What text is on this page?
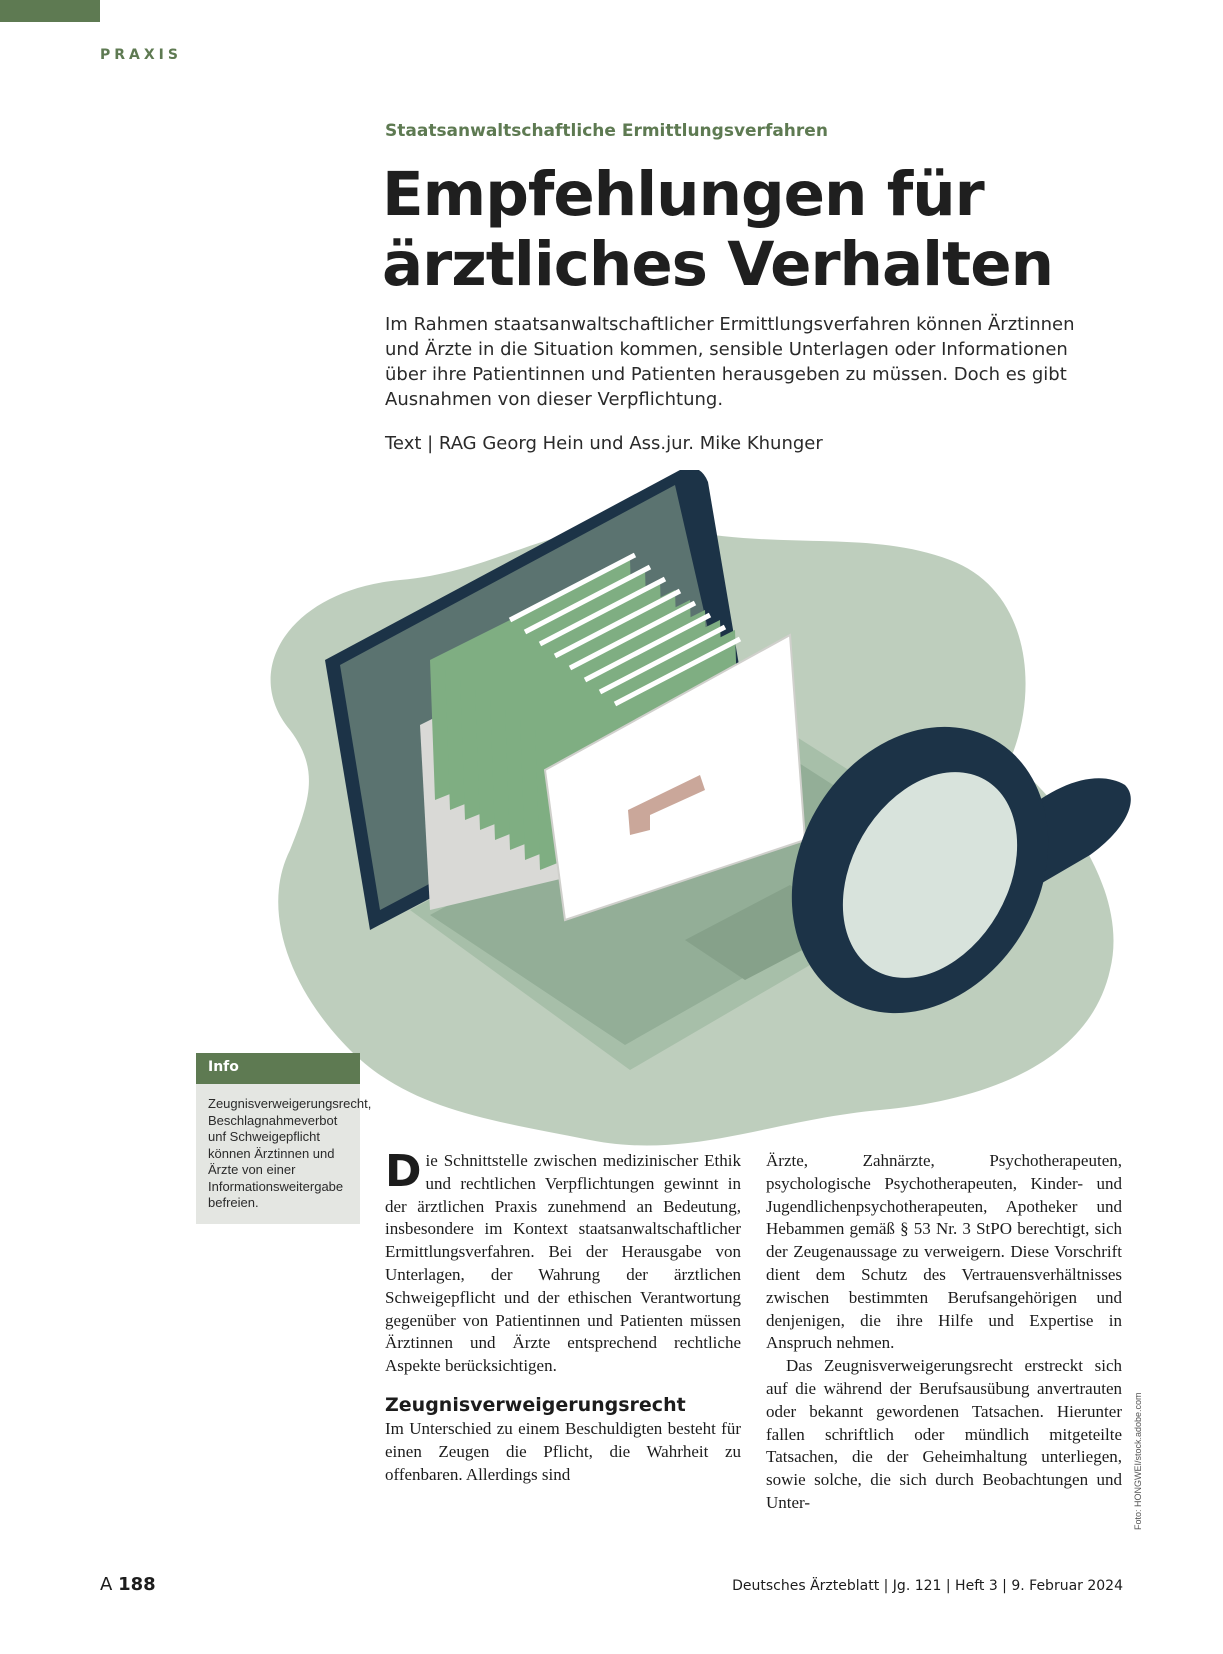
PRAXIS
Staatsanwaltschaftliche Ermittlungsverfahren
Empfehlungen für
ärztliches Verhalten
Im Rahmen staatsanwaltschaftlicher Ermittlungsverfahren können Ärztinnen und Ärzte in die Situation kommen, sensible Unterlagen oder Informationen über ihre Patientinnen und Patienten herausgeben zu müssen. Doch es gibt Ausnahmen von dieser Verpflichtung.
Text | RAG Georg Hein und Ass.jur. Mike Khunger
Info
Zeugnisverweigerungsrecht, Beschlagnahmeverbot unf Schweigepflicht können Ärztinnen und Ärzte von einer Informationsweitergabe befreien.

D ie Schnittstelle zwischen medizinischer Ethik und rechtlichen Verpflichtungen gewinnt in der ärztlichen Praxis zunehmend an Bedeutung, insbesondere im Kontext staatsanwaltschaftlicher Ermittlungsverfahren. Bei der Herausgabe von Unterlagen, der Wahrung der ärztlichen Schweigepflicht und der ethischen Verantwortung gegenüber von Patientinnen und Patienten müssen Ärztinnen und Ärzte entsprechend rechtliche Aspekte berücksichtigen.

Zeugnisverweigerungsrecht

Im Unterschied zu einem Beschuldigten besteht für einen Zeugen die Pflicht, die Wahrheit zu offenbaren. Allerdings sind

Ärzte, Zahnärzte, Psychotherapeuten, psychologische Psychotherapeuten, Kinder- und Jugendlichenpsychotherapeuten, Apotheker und Hebammen gemäß § 53 Nr. 3 StPO berechtigt, sich der Zeugenaussage zu verweigern. Diese Vorschrift dient dem Schutz des Vertrauensverhältnisses zwischen bestimmten Berufsangehörigen und denjenigen, die ihre Hilfe und Expertise in Anspruch nehmen.

Das Zeugnisverweigerungsrecht erstreckt sich auf die während der Berufsausübung anvertrauten oder bekannt gewordenen Tatsachen. Hierunter fallen schriftlich oder mündlich mitgeteilte Tatsachen, die der Geheimhaltung unterliegen, sowie solche, die sich durch Beobachtungen und Unter-	Foto: HONGWEI/stock.adobe.com
A 188	Deutsches Ärzteblatt | Jg. 121 | Heft 3 | 9. Februar 2024
